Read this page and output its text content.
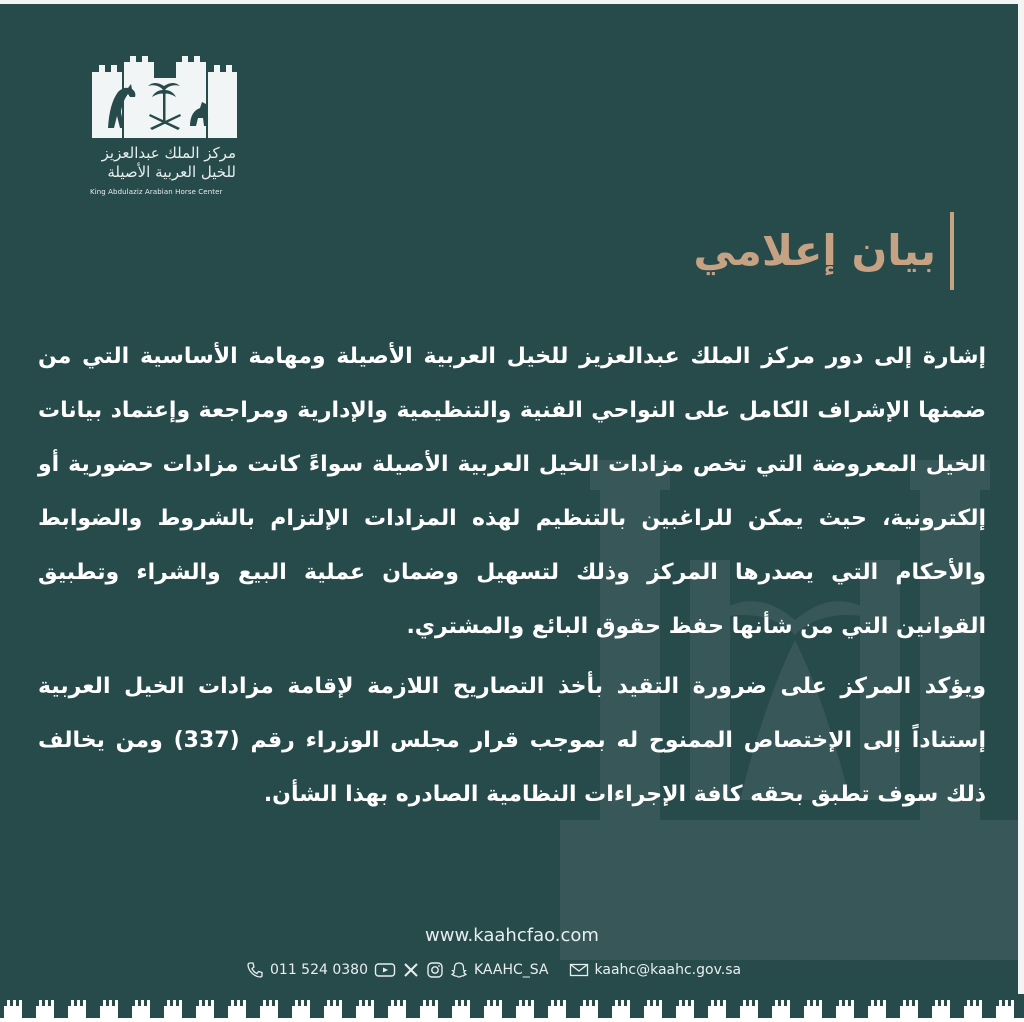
مركز الملك عبدالعزيز
للخيل العربية الأصيلة
King Abdulaziz Arabian Horse Center
بيان إعلامي

إشارة إلى دور مركز الملك عبدالعزيز للخيل العربية الأصيلة ومهامة الأساسية التي من ضمنها الإشراف الكامل على النواحي الفنية والتنظيمية والإدارية ومراجعة وإعتماد بيانات الخيل المعروضة التي تخص مزادات الخيل العربية الأصيلة سواءً كانت مزادات حضورية أو إلكترونية، حيث يمكن للراغبين بالتنظيم لهذه المزادات الإلتزام بالشروط والضوابط والأحكام التي يصدرها المركز وذلك لتسهيل وضمان عملية البيع والشراء وتطبيق القوانين التي من شأنها حفظ حقوق البائع والمشتري.

ويؤكد المركز على ضرورة التقيد بأخذ التصاريح اللازمة لإقامة مزادات الخيل العربية إستناداً إلى الإختصاص الممنوح له بموجب قرار مجلس الوزراء رقم (337) ومن يخالف ذلك سوف تطبق بحقه كافة الإجراءات النظامية الصادره بهذا الشأن.

www.kaahcfao.com
011 524 0380	KAAHC_SA	kaahc@kaahc.gov.sa
